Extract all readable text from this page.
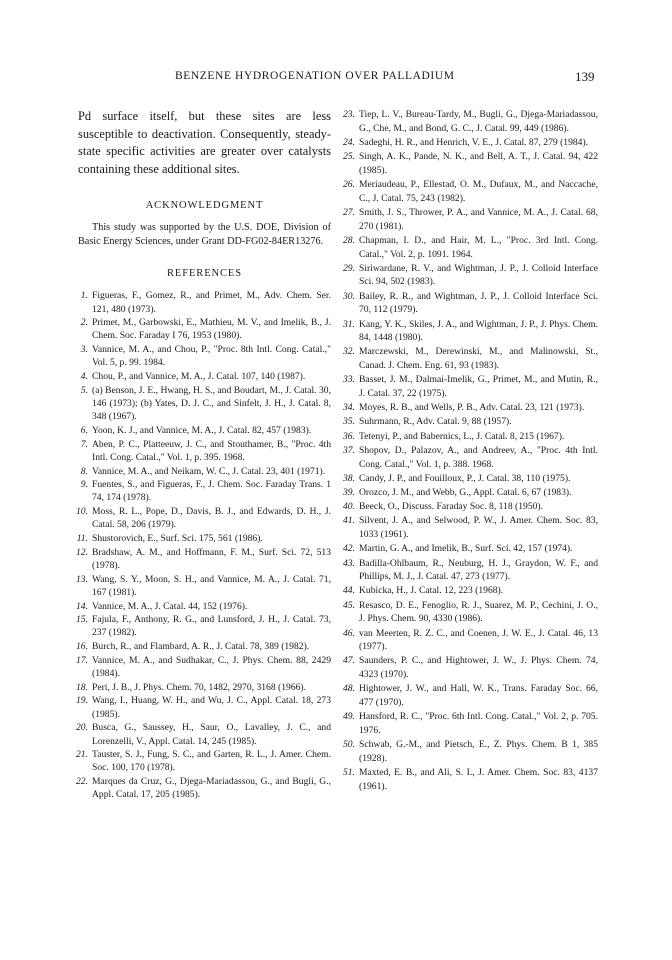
BENZENE HYDROGENATION OVER PALLADIUM	139

Pd surface itself, but these sites are less susceptible to deactivation. Consequently, steady-state specific activities are greater over catalysts containing these additional sites.

ACKNOWLEDGMENT

This study was supported by the U.S. DOE, Division of Basic Energy Sciences, under Grant DD-FG02-84ER13276.

REFERENCES
1. Figueras, F., Gomez, R., and Primet, M., Adv. Chem. Ser. 121, 480 (1973).
2. Primet, M., Garbowski, E., Mathieu, M. V., and Imelik, B., J. Chem. Soc. Faraday I 76, 1953 (1980).
3. Vannice, M. A., and Chou, P., "Proc. 8th Intl. Cong. Catal.," Vol. 5, p. 99. 1984.
4. Chou, P., and Vannice, M. A., J. Catal. 107, 140 (1987).
5. (a) Benson, J. E., Hwang, H. S., and Boudart, M., J. Catal. 30, 146 (1973); (b) Yates, D. J. C., and Sinfelt, J. H., J. Catal. 8, 348 (1967).
6. Yoon, K. J., and Vannice, M. A., J. Catal. 82, 457 (1983).
7. Aben, P. C., Platteeuw, J. C., and Stouthamer, B., "Proc. 4th Intl. Cong. Catal.," Vol. 1, p. 395. 1968.
8. Vannice, M. A., and Neikam, W. C., J. Catal. 23, 401 (1971).
9. Fuentes, S., and Figueras, F., J. Chem. Soc. Faraday Trans. 1 74, 174 (1978).
10. Moss, R. L., Pope, D., Davis, B. J., and Edwards, D. H., J. Catal. 58, 206 (1979).
11. Shustorovich, E., Surf. Sci. 175, 561 (1986).
12. Bradshaw, A. M., and Hoffmann, F. M., Surf. Sci. 72, 513 (1978).
13. Wang, S. Y., Moon, S. H., and Vannice, M. A., J. Catal. 71, 167 (1981).
14. Vannice, M. A., J. Catal. 44, 152 (1976).
15. Fajula, F., Anthony, R. G., and Lunsford, J. H., J. Catal. 73, 237 (1982).
16. Burch, R., and Flambard, A. R., J. Catal. 78, 389 (1982).
17. Vannice, M. A., and Sudhakar, C., J. Phys. Chem. 88, 2429 (1984).
18. Peri, J. B., J. Phys. Chem. 70, 1482, 2970, 3168 (1966).
19. Wang, I., Huang, W. H., and Wu, J. C., Appl. Catal. 18, 273 (1985).
20. Busca, G., Saussey, H., Saur, O., Lavalley, J. C., and Lorenzelli, V., Appl. Catal. 14, 245 (1985).
21. Tauster, S. J., Fung, S. C., and Garten, R. L., J. Amer. Chem. Soc. 100, 170 (1978).
22. Marques da Cruz, G., Djega-Mariadassou, G., and Bugli, G., Appl. Catal. 17, 205 (1985).
23. Tiep, L. V., Bureau-Tardy, M., Bugli, G., Djega-Mariadassou, G., Che, M., and Bond, G. C., J. Catal. 99, 449 (1986).
24. Sadeghi, H. R., and Henrich, V. E., J. Catal. 87, 279 (1984).
25. Singh, A. K., Pande, N. K., and Bell, A. T., J. Catal. 94, 422 (1985).
26. Meriaudeau, P., Ellestad, O. M., Dufaux, M., and Naccache, C., J. Catal. 75, 243 (1982).
27. Smith, J. S., Thrower, P. A., and Vannice, M. A., J. Catal. 68, 270 (1981).
28. Chapman, I. D., and Hair, M. L., "Proc. 3rd Intl. Cong. Catal.," Vol. 2, p. 1091. 1964.
29. Siriwardane, R. V., and Wightman, J. P., J. Colloid Interface Sci. 94, 502 (1983).
30. Bailey, R. R., and Wightman, J. P., J. Colloid Interface Sci. 70, 112 (1979).
31. Kang, Y. K., Skiles, J. A., and Wightman, J. P., J. Phys. Chem. 84, 1448 (1980).
32. Marczewski, M., Derewinski, M., and Malinowski, St., Canad. J. Chem. Eng. 61, 93 (1983).
33. Basset, J. M., Dalmai-Imelik, G., Primet, M., and Mutin, R., J. Catal. 37, 22 (1975).
34. Moyes, R. B., and Wells, P. B., Adv. Catal. 23, 121 (1973).
35. Suhrmann, R., Adv. Catal. 9, 88 (1957).
36. Tetenyi, P., and Babernics, L., J. Catal. 8, 215 (1967).
37. Shopov, D., Palazov, A., and Andreev, A., "Proc. 4th Intl. Cong. Catal.," Vol. 1, p. 388. 1968.
38. Candy, J. P., and Fouilloux, P., J. Catal. 38, 110 (1975).
39. Orozco, J. M., and Webb, G., Appl. Catal. 6, 67 (1983).
40. Beeck, O., Discuss. Faraday Soc. 8, 118 (1950).
41. Silvent, J. A., and Selwood, P. W., J. Amer. Chem. Soc. 83, 1033 (1961).
42. Martin, G. A., and Imelik, B., Surf. Sci. 42, 157 (1974).
43. Badilla-Ohlbaum, R., Neuburg, H. J., Graydon, W. F., and Phillips, M. J., J. Catal. 47, 273 (1977).
44. Kubicka, H., J. Catal. 12, 223 (1968).
45. Resasco, D. E., Fenoglio, R. J., Suarez, M. P., Cechini, J. O., J. Phys. Chem. 90, 4330 (1986).
46. van Meerten, R. Z. C., and Coenen, J. W. E., J. Catal. 46, 13 (1977).
47. Saunders, P. C., and Hightower, J. W., J. Phys. Chem. 74, 4323 (1970).
48. Hightower, J. W., and Hall, W. K., Trans. Faraday Soc. 66, 477 (1970).
49. Hansford, R. C., "Proc. 6th Intl. Cong. Catal.," Vol. 2, p. 705. 1976.
50. Schwab, G.-M., and Pietsch, E., Z. Phys. Chem. B 1, 385 (1928).
51. Maxted, E. B., and Ali, S. I., J. Amer. Chem. Soc. 83, 4137 (1961).
